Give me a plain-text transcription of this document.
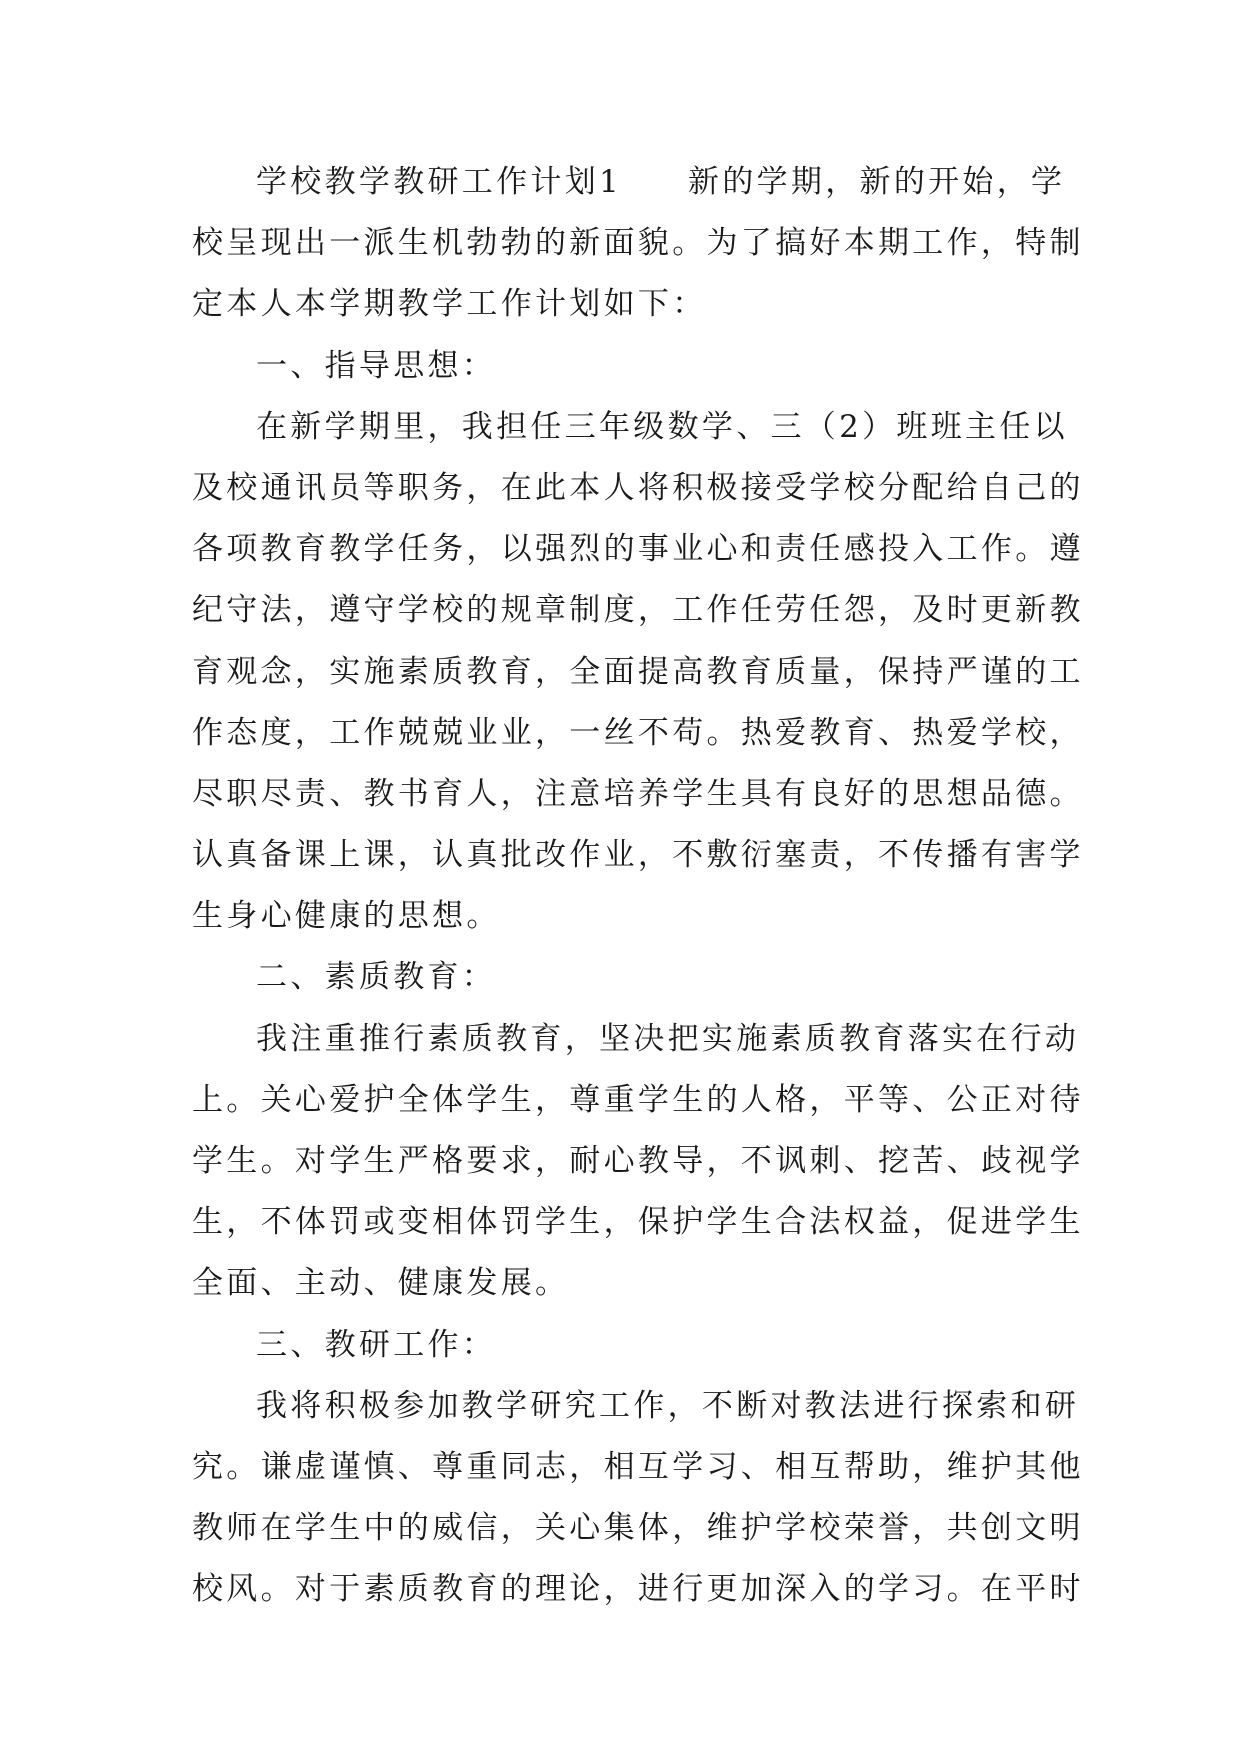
学校教学教研工作计划1 新的学期，新的开始，学
校呈现出一派生机勃勃的新面貌。为了搞好本期工作，特制
定本人本学期教学工作计划如下：
一、指导思想：
在新学期里，我担任三年级数学、三（2）班班主任以
及校通讯员等职务，在此本人将积极接受学校分配给自己的
各项教育教学任务，以强烈的事业心和责任感投入工作。遵
纪守法，遵守学校的规章制度，工作任劳任怨，及时更新教
育观念，实施素质教育，全面提高教育质量，保持严谨的工
作态度，工作兢兢业业，一丝不苟。热爱教育、热爱学校，
尽职尽责、教书育人，注意培养学生具有良好的思想品德。
认真备课上课，认真批改作业，不敷衍塞责，不传播有害学
生身心健康的思想。
二、素质教育：
我注重推行素质教育，坚决把实施素质教育落实在行动
上。关心爱护全体学生，尊重学生的人格，平等、公正对待
学生。对学生严格要求，耐心教导，不讽刺、挖苦、歧视学
生，不体罚或变相体罚学生，保护学生合法权益，促进学生
全面、主动、健康发展。
三、教研工作：
我将积极参加教学研究工作，不断对教法进行探索和研
究。谦虚谨慎、尊重同志，相互学习、相互帮助，维护其他
教师在学生中的威信，关心集体，维护学校荣誉，共创文明
校风。对于素质教育的理论，进行更加深入的学习。在平时
